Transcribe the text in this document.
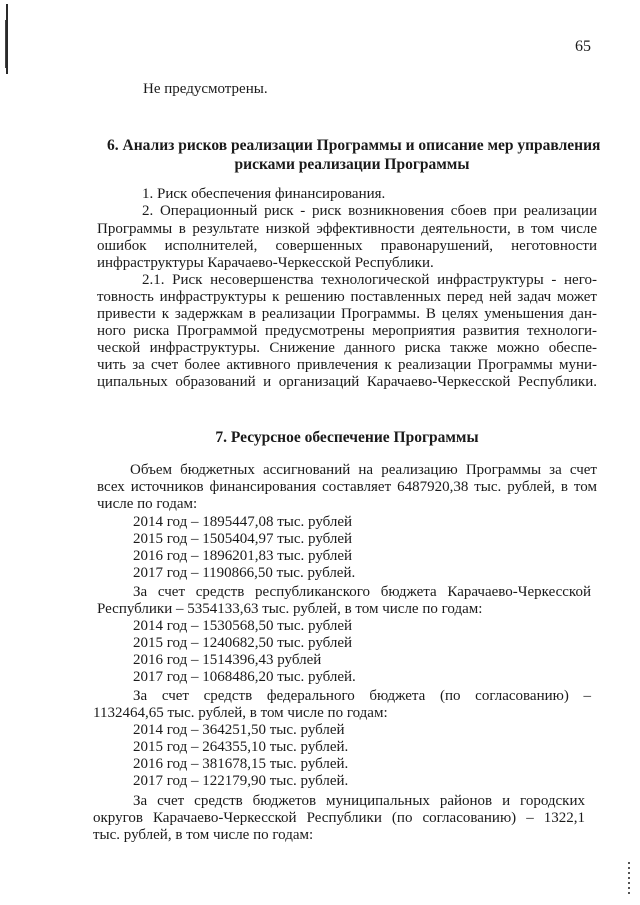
65
Не предусмотрены.
6. Анализ рисков реализации Программы и описание мер управления
рисками реализации Программы
1. Риск обеспечения финансирования.
2. Операционный риск - риск возникновения сбоев при реализации
Программы в результате низкой эффективности деятельности, в том числе
ошибок исполнителей, совершенных правонарушений, неготовности
инфраструктуры Карачаево-Черкесской Республики.
2.1. Риск несовершенства технологической инфраструктуры - него-
товность инфраструктуры к решению поставленных перед ней задач может
привести к задержкам в реализации Программы. В целях уменьшения дан-
ного риска Программой предусмотрены мероприятия развития технологи-
ческой инфраструктуры. Снижение данного риска также можно обеспе-
чить за счет более активного привлечения к реализации Программы муни-
ципальных образований и организаций Карачаево-Черкесской Республики.
7. Ресурсное обеспечение Программы
Объем бюджетных ассигнований на реализацию Программы за счет
всех источников финансирования составляет 6487920,38 тыс. рублей, в том
числе по годам:
2014 год – 1895447,08 тыс. рублей
2015 год – 1505404,97 тыс. рублей
2016 год – 1896201,83 тыс. рублей
2017 год – 1190866,50 тыс. рублей.
За счет средств республиканского бюджета Карачаево-Черкесской
Республики – 5354133,63 тыс. рублей, в том числе по годам:
2014 год – 1530568,50 тыс. рублей
2015 год – 1240682,50 тыс. рублей
2016 год – 1514396,43 рублей
2017 год – 1068486,20 тыс. рублей.
За счет средств федерального бюджета (по согласованию) –
1132464,65 тыс. рублей, в том числе по годам:
2014 год – 364251,50 тыс. рублей
2015 год – 264355,10 тыс. рублей.
2016 год – 381678,15 тыс. рублей.
2017 год – 122179,90 тыс. рублей.
За счет средств бюджетов муниципальных районов и городских
округов Карачаево-Черкесской Республики (по согласованию) – 1322,1
тыс. рублей, в том числе по годам:
